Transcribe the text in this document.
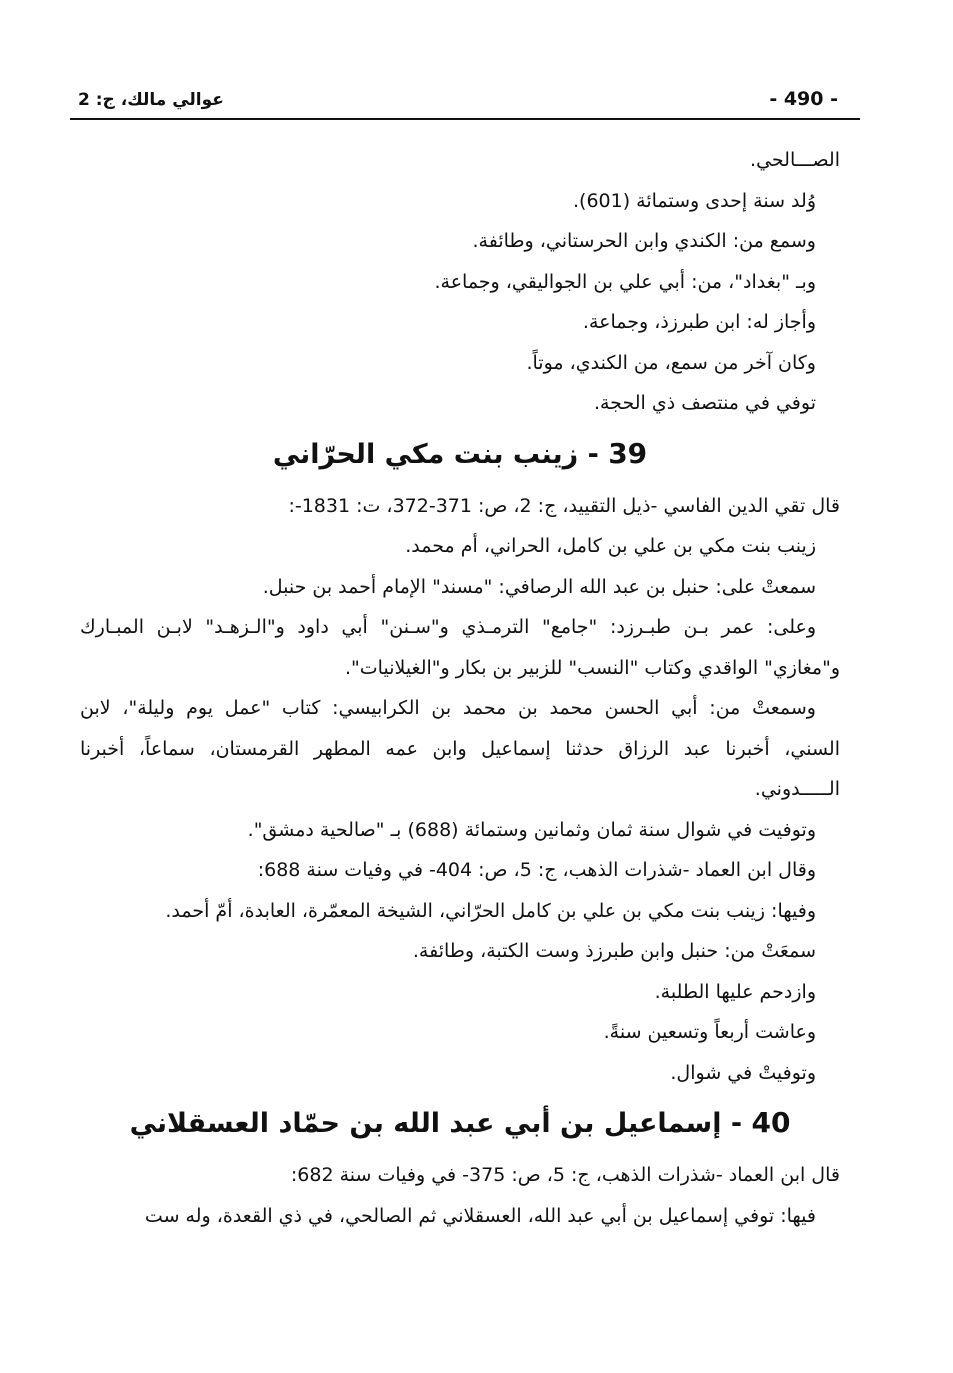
- 490 -
عوالي مالك، ج: 2
الصـــالحي.
وُلد سنة إحدى وستمائة (601).
وسمع من: الكندي وابن الحرستاني، وطائفة.
وبـ "بغداد"، من: أبي علي بن الجواليقي، وجماعة.
وأجاز له: ابن طبرزذ، وجماعة.
وكان آخر من سمع، من الكندي، موتاً.
توفي في منتصف ذي الحجة.
39 - زينب بنت مكي الحرّاني
قال تقي الدين الفاسي -ذيل التقييد، ج: 2، ص: 371-372، ت: 1831-:
زينب بنت مكي بن علي بن كامل، الحراني، أم محمد.
سمعتْ على: حنبل بن عبد الله الرصافي: "مسند" الإمام أحمد بن حنبل.
وعلى: عمر بـن طبـرزد: "جامع" الترمـذي و"سـنن" أبي داود و"الـزهـد" لابـن المبـارك
و"مغازي" الواقدي وكتاب "النسب" للزبير بن بكار و"الغيلانيات".
وسمعتْ من: أبي الحسن محمد بن محمد بن الكرابيسي: كتاب "عمل يوم وليلة"، لابن
السني، أخبرنا عبد الرزاق حدثنا إسماعيل وابن عمه المطهر القرمستان، سماعاً، أخبرنا
الـــــدوني.
وتوفيت في شوال سنة ثمان وثمانين وستمائة (688) بـ "صالحية دمشق".
وقال ابن العماد -شذرات الذهب، ج: 5، ص: 404- في وفيات سنة 688:
وفيها: زينب بنت مكي بن علي بن كامل الحرّاني، الشيخة المعمّرة، العابدة، أمّ أحمد.
سمعَتْ من: حنبل وابن طبرزذ وست الكتبة، وطائفة.
وازدحم عليها الطلبة.
وعاشت أربعاً وتسعين سنةً.
وتوفيتْ في شوال.
40 - إسماعيل بن أبي عبد الله بن حمّاد العسقلاني
قال ابن العماد -شذرات الذهب، ج: 5، ص: 375- في وفيات سنة 682:
فيها: توفي إسماعيل بن أبي عبد الله، العسقلاني ثم الصالحي، في ذي القعدة، وله ست
